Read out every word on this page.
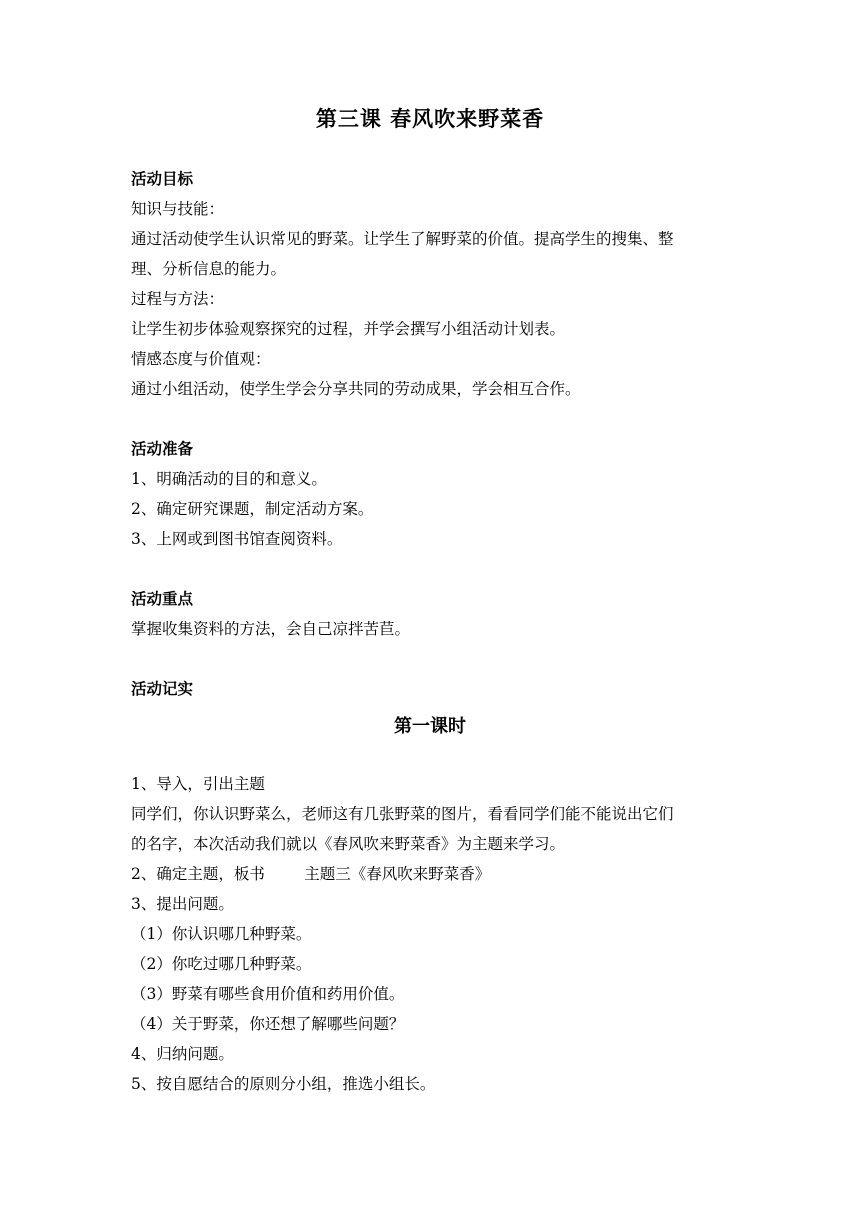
第三课 春风吹来野菜香
活动目标
知识与技能：
通过活动使学生认识常见的野菜。让学生了解野菜的价值。提高学生的搜集、整
理、分析信息的能力。
过程与方法：
让学生初步体验观察探究的过程，并学会撰写小组活动计划表。
情感态度与价值观：
通过小组活动，使学生学会分享共同的劳动成果，学会相互合作。
活动准备
1、明确活动的目的和意义。
2、确定研究课题，制定活动方案。
3、上网或到图书馆查阅资料。
活动重点
掌握收集资料的方法，会自己凉拌苦苣。
活动记实
第一课时
1、导入，引出主题
同学们，你认识野菜么，老师这有几张野菜的图片，看看同学们能不能说出它们
的名字，本次活动我们就以《春风吹来野菜香》为主题来学习。
2、确定主题，板书        主题三《春风吹来野菜香》
3、提出问题。
（1）你认识哪几种野菜。
（2）你吃过哪几种野菜。
（3）野菜有哪些食用价值和药用价值。
（4）关于野菜，你还想了解哪些问题？
4、归纳问题。
5、按自愿结合的原则分小组，推选小组长。
